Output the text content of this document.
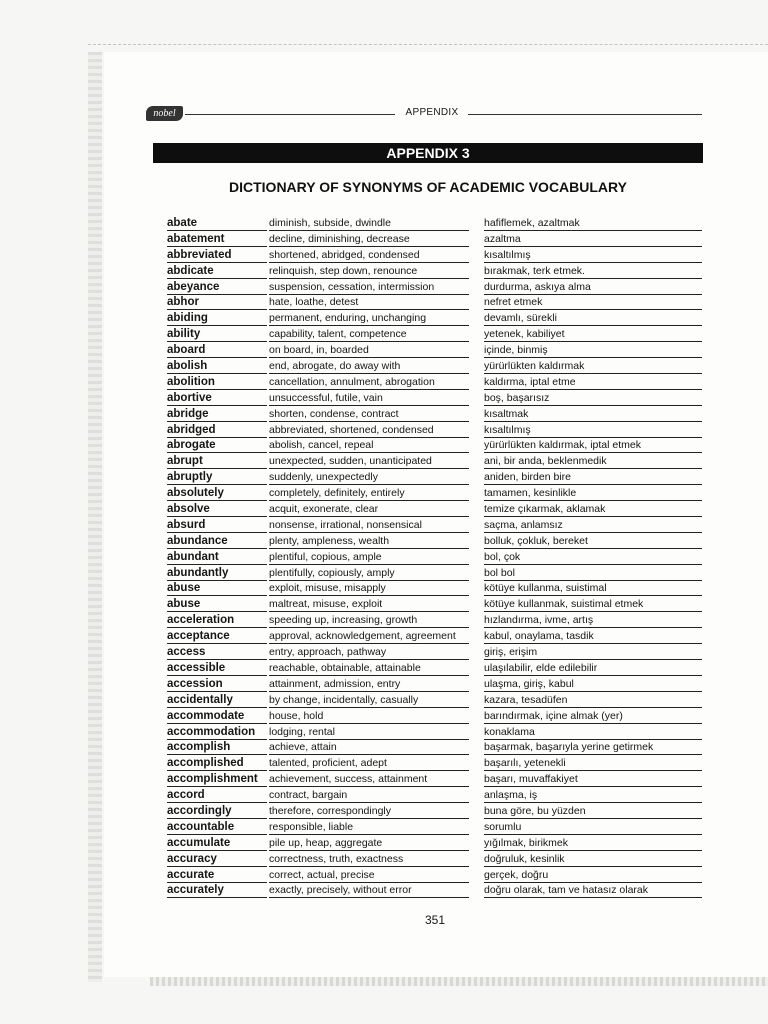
nobel	APPENDIX
APPENDIX 3
DICTIONARY OF SYNONYMS OF ACADEMIC VOCABULARY
abate	diminish, subside, dwindle	hafiflemek, azaltmak
abatement	decline, diminishing, decrease	azaltma
abbreviated	shortened, abridged, condensed	kısaltılmış
abdicate	relinquish, step down, renounce	bırakmak, terk etmek.
abeyance	suspension, cessation, intermission	durdurma, askıya alma
abhor	hate, loathe, detest	nefret etmek
abiding	permanent, enduring, unchanging	devamlı, sürekli
ability	capability, talent, competence	yetenek, kabiliyet
aboard	on board, in, boarded	içinde, binmiş
abolish	end, abrogate, do away with	yürürlükten kaldırmak
abolition	cancellation, annulment, abrogation	kaldırma, iptal etme
abortive	unsuccessful, futile, vain	boş, başarısız
abridge	shorten, condense, contract	kısaltmak
abridged	abbreviated, shortened, condensed	kısaltılmış
abrogate	abolish, cancel, repeal	yürürlükten kaldırmak, iptal etmek
abrupt	unexpected, sudden, unanticipated	ani, bir anda, beklenmedik
abruptly	suddenly, unexpectedly	aniden, birden bire
absolutely	completely, definitely, entirely	tamamen, kesinlikle
absolve	acquit, exonerate, clear	temize çıkarmak, aklamak
absurd	nonsense, irrational, nonsensical	saçma, anlamsız
abundance	plenty, ampleness, wealth	bolluk, çokluk, bereket
abundant	plentiful, copious, ample	bol, çok
abundantly	plentifully, copiously, amply	bol bol
abuse	exploit, misuse, misapply	kötüye kullanma, suistimal
abuse	maltreat, misuse, exploit	kötüye kullanmak, suistimal etmek
acceleration	speeding up, increasing, growth	hızlandırma, ivme, artış
acceptance	approval, acknowledgement, agreement	kabul, onaylama, tasdik
access	entry, approach, pathway	giriş, erişim
accessible	reachable, obtainable, attainable	ulaşılabilir, elde edilebilir
accession	attainment, admission, entry	ulaşma, giriş, kabul
accidentally	by change, incidentally, casually	kazara, tesadüfen
accommodate	house, hold	barındırmak, içine almak (yer)
accommodation	lodging, rental	konaklama
accomplish	achieve, attain	başarmak, başarıyla yerine getirmek
accomplished	talented, proficient, adept	başarılı, yetenekli
accomplishment	achievement, success, attainment	başarı, muvaffakiyet
accord	contract, bargain	anlaşma, iş
accordingly	therefore, correspondingly	buna göre, bu yüzden
accountable	responsible, liable	sorumlu
accumulate	pile up, heap, aggregate	yığılmak, birikmek
accuracy	correctness, truth, exactness	doğruluk, kesinlik
accurate	correct, actual, precise	gerçek, doğru
accurately	exactly, precisely, without error	doğru olarak, tam ve hatasız olarak
351
